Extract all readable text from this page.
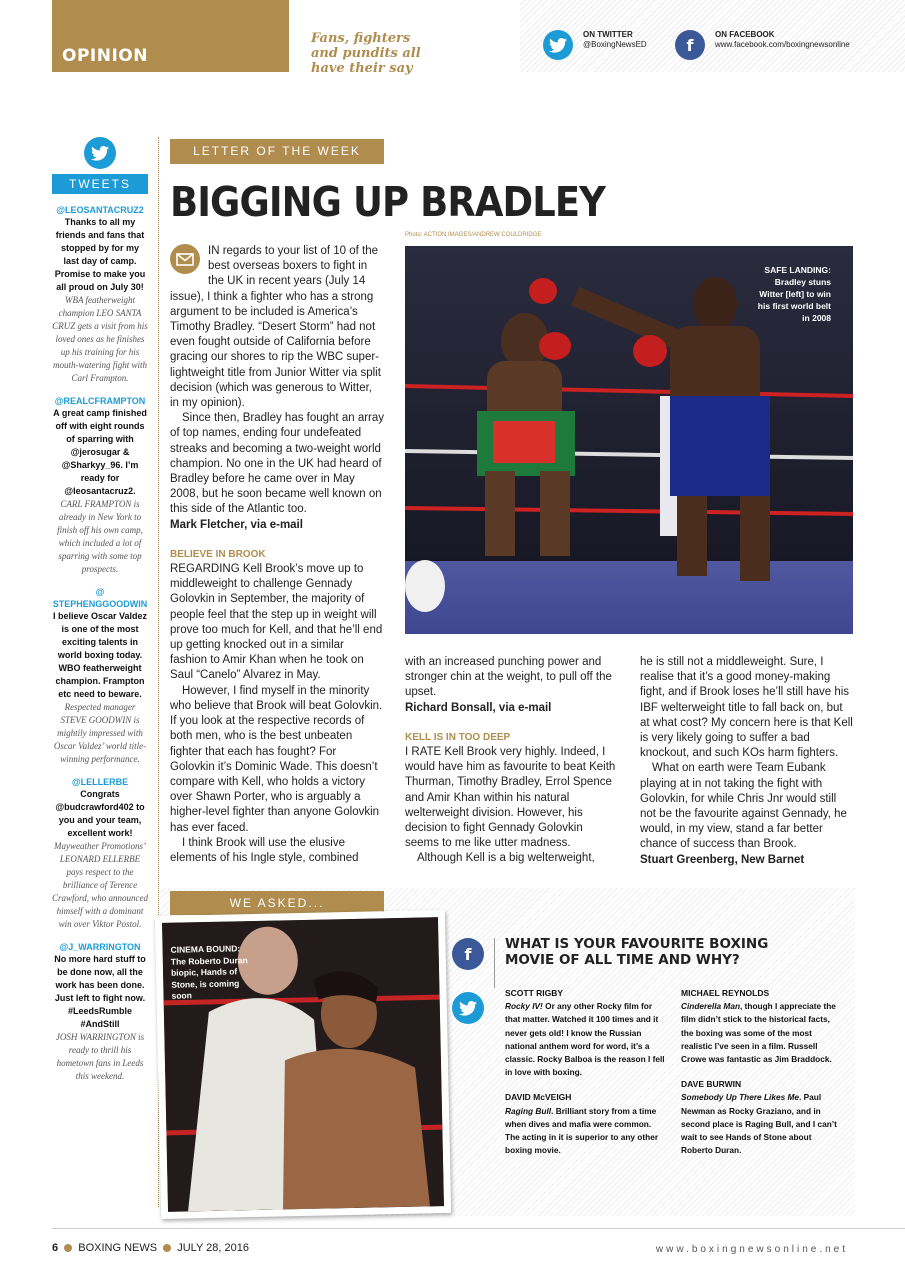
OPINION
Fans, fighters
and pundits all
have their say
ON TWITTER
@BoxingNewsED	f
ON FACEBOOK
www.facebook.com/boxingnewsonline
TWEETS
@LEOSANTACRUZ2
Thanks to all my friends and fans that stopped by for my last day of camp. Promise to make you all proud on July 30!
WBA featherweight champion LEO SANTA CRUZ gets a visit from his loved ones as he finishes up his training for his mouth-watering fight with Carl Frampton.
@REALCFRAMPTON
A great camp finished off with eight rounds of sparring with @jerosugar & @Sharkyy_96. I’m ready for @leosantacruz2.
CARL FRAMPTON is already in New York to finish off his own camp, which included a lot of sparring with some top prospects.
@ STEPHENGGOODWIN
I believe Oscar Valdez is one of the most exciting talents in world boxing today. WBO featherweight champion. Frampton etc need to beware.
Respected manager STEVE GOODWIN is mightily impressed with Oscar Valdez’ world title-winning performance.
@LELLERBE
Congrats @budcrawford402 to you and your team, excellent work!
Mayweather Promotions’ LEONARD ELLERBE pays respect to the brilliance of Terence Crawford, who announced himself with a dominant win over Viktor Postol.
@J_WARRINGTON
No more hard stuff to be done now, all the work has been done. Just left to fight now. #LeedsRumble #AndStill
JOSH WARRINGTON is ready to thrill his hometown fans in Leeds this weekend.
LETTER OF THE WEEK
BIGGING UP BRADLEY
Photo: ACTION IMAGES/ANDREW COULDRIDGE

IN regards to your list of 10 of the best overseas boxers to fight in the UK in recent years (July 14 issue), I think a fighter who has a strong argument to be included is America’s Timothy Bradley. “Desert Storm” had not even fought outside of California before gracing our shores to rip the WBC super-lightweight title from Junior Witter via split decision (which was generous to Witter, in my opinion).

Since then, Bradley has fought an array of top names, ending four undefeated streaks and becoming a two-weight world champion. No one in the UK had heard of Bradley before he came over in May 2008, but he soon became well known on this side of the Atlantic too.

Mark Fletcher, via e-mail
BELIEVE IN BROOK

REGARDING Kell Brook’s move up to middleweight to challenge Gennady Golovkin in September, the majority of people feel that the step up in weight will prove too much for Kell, and that he’ll end up getting knocked out in a similar fashion to Amir Khan when he took on Saul “Canelo” Alvarez in May.

However, I find myself in the minority who believe that Brook will beat Golovkin. If you look at the respective records of both men, who is the best unbeaten fighter that each has fought? For Golovkin it’s Dominic Wade. This doesn’t compare with Kell, who holds a victory over Shawn Porter, who is arguably a higher-level fighter than anyone Golovkin has ever faced.

I think Brook will use the elusive elements of his Ingle style, combined

SAFE LANDING: Bradley stuns Witter [left] to win his first world belt in 2008

with an increased punching power and stronger chin at the weight, to pull off the upset.

Richard Bonsall, via e-mail
KELL IS IN TOO DEEP

I RATE Kell Brook very highly. Indeed, I would have him as favourite to beat Keith Thurman, Timothy Bradley, Errol Spence and Amir Khan within his natural welterweight division. However, his decision to fight Gennady Golovkin seems to me like utter madness.

Although Kell is a big welterweight,

he is still not a middleweight. Sure, I realise that it’s a good money-making fight, and if Brook loses he’ll still have his IBF welterweight title to fall back on, but at what cost? My concern here is that Kell is very likely going to suffer a bad knockout, and such KOs harm fighters.

What on earth were Team Eubank playing at in not taking the fight with Golovkin, for while Chris Jnr would still not be the favourite against Gennady, he would, in my view, stand a far better chance of success than Brook.

Stuart Greenberg, New Barnet
WE ASKED...
CINEMA BOUND: The Roberto Duran biopic, Hands of Stone, is coming soon
f
WHAT IS YOUR FAVOURITE BOXING MOVIE OF ALL TIME AND WHY?
SCOTT RIGBY
Rocky IV! Or any other Rocky film for that matter. Watched it 100 times and it never gets old! I know the Russian national anthem word for word, it’s a classic. Rocky Balboa is the reason I fell in love with boxing.
DAVID McVEIGH
Raging Bull. Brilliant story from a time when dives and mafia were common. The acting in it is superior to any other boxing movie.
MICHAEL REYNOLDS
Cinderella Man, though I appreciate the film didn’t stick to the historical facts, the boxing was some of the most realistic I’ve seen in a film. Russell Crowe was fantastic as Jim Braddock.
DAVE BURWIN
Somebody Up There Likes Me. Paul Newman as Rocky Graziano, and in second place is Raging Bull, and I can’t wait to see Hands of Stone about Roberto Duran.
6 BOXING NEWS JULY 28, 2016	www.boxingnewsonline.net
